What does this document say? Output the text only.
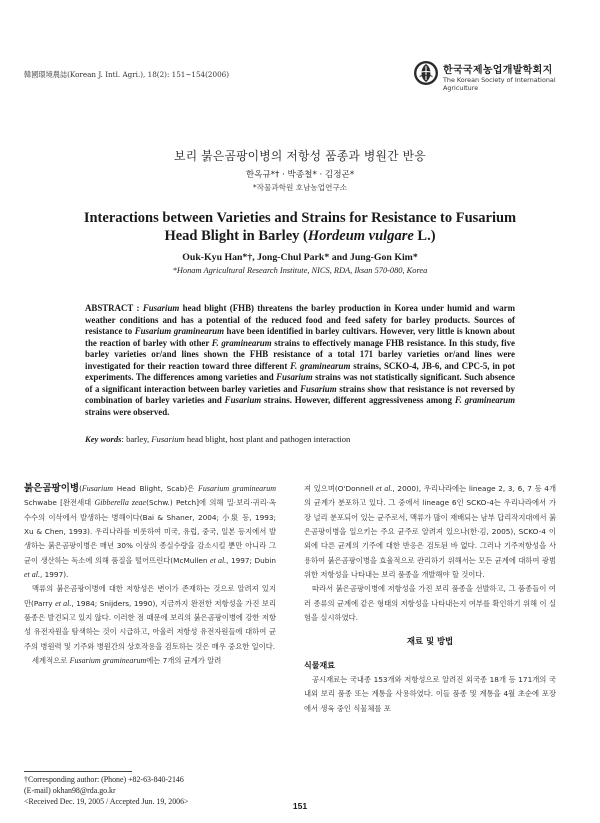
韓國環境農誌(Korean J. Intl. Agri.), 18(2): 151~154(2006)	한국국제농업개발학회지
The Korean Society of International
Agriculture
보리 붉은곰팡이병의 저항성 품종과 병원간 반응
한옥규*† · 박종철* · 김정곤*
*작물과학원 호남농업연구소
Interactions between Varieties and Strains for Resistance to Fusarium
Head Blight in Barley (Hordeum vulgare L.)
Ouk-Kyu Han*†, Jong-Chul Park* and Jung-Gon Kim*
*Honam Agricultural Research Institute, NICS, RDA, Iksan 570-080, Korea
ABSTRACT : Fusarium head blight (FHB) threatens the barley production in Korea under humid and warm weather conditions and has a potential of the reduced food and feed safety for barley products. Sources of resistance to Fusarium graminearum have been identified in barley cultivars. However, very little is known about the reaction of barley with other F. graminearum strains to effectively manage FHB resistance. In this study, five barley varieties or/and lines shown the FHB resistance of a total 171 barley varieties or/and lines were investigated for their reaction toward three different F. graminearum strains, SCKO-4, JB-6, and CPC-5, in pot experiments. The differences among varieties and Fusarium strains was not statistically significant. Such absence of a significant interaction between barley varieties and Fusarium strains show that resistance is not reversed by combination of barley varieties and Fusarium strains. However, different aggressiveness among F. graminearum strains were observed.
Key words: barley, Fusarium head blight, host plant and pathogen interaction

붉은곰팡이병(Fusarium Head Blight, Scab)은 Fusarium graminearum Schwabe [완전세대 Gibberella zeae(Schw.) Petch]에 의해 밀·보리·귀리·옥수수의 이삭에서 발생하는 병해이다(Bai & Shaner, 2004; 小泉 등, 1993; Xu & Chen, 1993). 우리나라를 비롯하여 미국, 유럽, 중국, 일본 등지에서 발생하는 붉은곰팡이병은 매년 30% 이상의 종실수량을 감소시킬 뿐만 아니라 그 균이 생산하는 독소에 의해 품질을 떨어뜨린다(McMullen et al., 1997; Dubin et al., 1997).

맥류의 붉은곰팡이병에 대한 저항성은 변이가 존재하는 것으로 알려져 있지만(Parry et al., 1984; Snijders, 1990), 지금까지 완전한 저항성을 가진 보리 품종은 발견되고 있지 않다. 이러한 점 때문에 보리의 붉은곰팡이병에 강한 저항성 유전자원을 탐색하는 것이 시급하고, 아울러 저항성 유전자원들에 대하여 균주의 병원력 및 기주와 병원간의 상호작용을 검토하는 것은 매우 중요한 일이다.

세계적으로 Fusarium graminearum에는 7개의 균계가 알려

져 있으며(O'Donnell et al., 2000), 우리나라에는 lineage 2, 3, 6, 7 등 4개의 균계가 분포하고 있다. 그 중에서 lineage 6인 SCKO-4는 우리나라에서 가장 널리 분포되어 있는 균주로서, 맥류가 많이 재배되는 남부 답리작지대에서 붉은곰팡이병을 일으키는 주요 균주로 알려져 있으나(한·김, 2005), SCKO-4 이외에 다른 균계의 기주에 대한 반응은 검토된 바 없다. 그러나 기주저항성을 사용하여 붉은곰팡이병을 효율적으로 관리하기 위해서는 모든 균계에 대하여 광범위한 저항성을 나타내는 보리 품종을 개발해야 할 것이다.

따라서 붉은곰팡이병에 저항성을 가진 보리 품종을 선발하고, 그 품종들이 여러 종류의 균계에 같은 형태의 저항성을 나타내는지 여부를 확인하기 위해 이 실험을 실시하였다.

재료 및 방법
식물재료

공시재료는 국내종 153개와 저항성으로 알려진 외국종 18개 등 171개의 국내외 보리 품종 또는 계통을 사용하였다. 이들 품종 및 계통을 4월 초순에 포장에서 생육 중인 식물체를 포

†Corresponding author: (Phone) +82-63-840-2146
(E-mail) okhan98@rda.go.kr
<Received Dec. 19, 2005 / Accepted Jun. 19, 2006>	151
